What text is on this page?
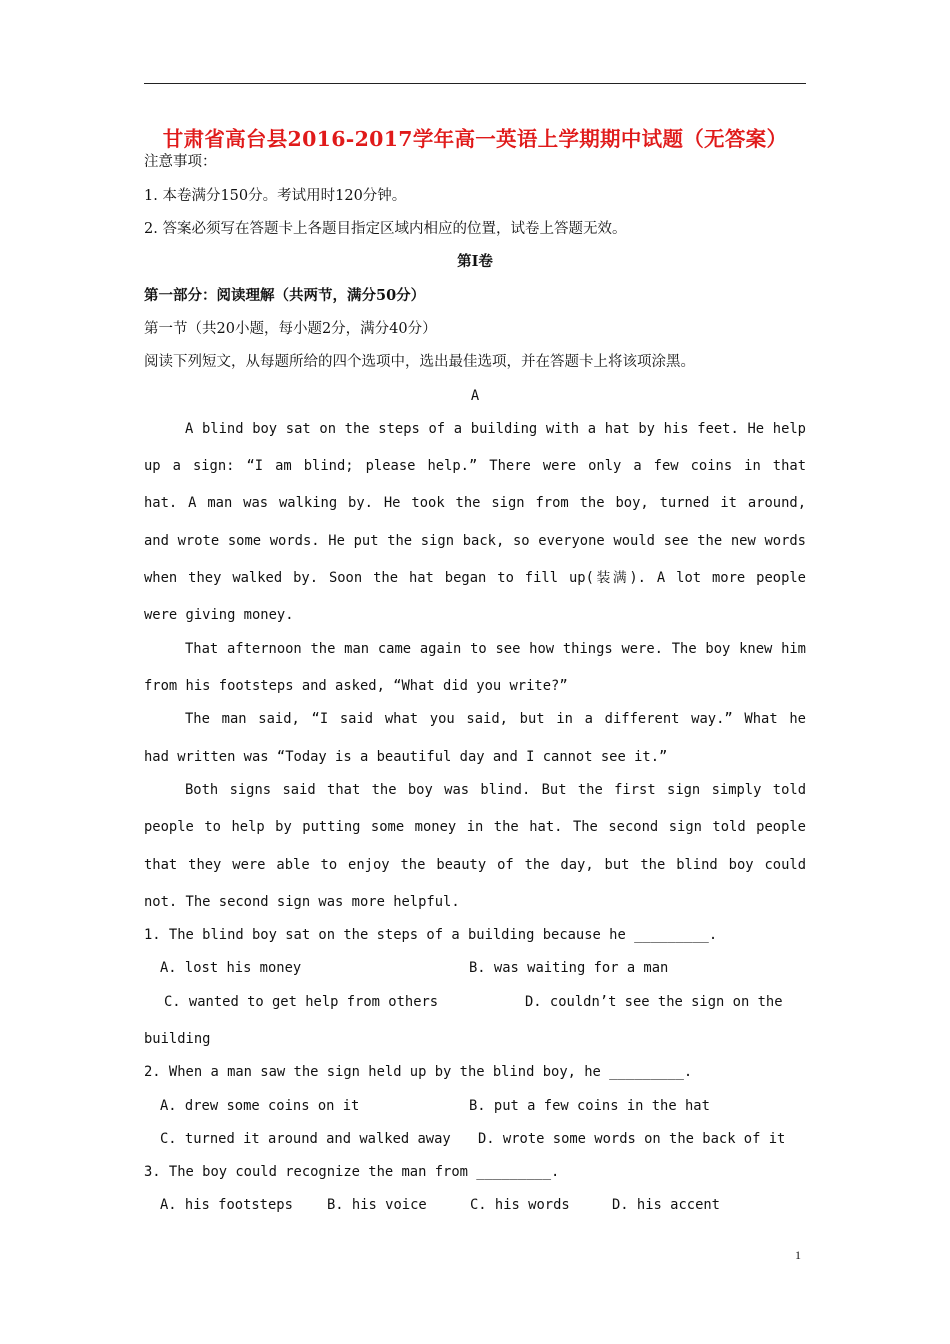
甘肃省高台县2016-2017学年高一英语上学期期中试题（无答案）
注意事项：
1. 本卷满分150分。考试用时120分钟。
2. 答案必须写在答题卡上各题目指定区域内相应的位置，试卷上答题无效。
第Ⅰ卷
第一部分：阅读理解（共两节，满分50分）
第一节（共20小题，每小题2分，满分40分）
阅读下列短文，从每题所给的四个选项中，选出最佳选项，并在答题卡上将该项涂黑。
A
A blind boy sat on the steps of a building with a hat by his feet. He help
up a sign: “I am blind; please help.” There were only a few coins in that
hat. A man was walking by. He took the sign from the boy, turned it around,
and wrote some words. He put the sign back, so everyone would see the new words
when they walked by. Soon the hat began to fill up(装满). A lot more people
were giving money.
That afternoon the man came again to see how things were. The boy knew him
from his footsteps and asked, “What did you write?”
The man said, “I said what you said, but in a different way.” What he
had written was “Today is a beautiful day and I cannot see it.”
Both signs said that the boy was blind. But the first sign simply told
people to help by putting some money in the hat. The second sign told people
that they were able to enjoy the beauty of the day, but the blind boy could
not. The second sign was more helpful.
1. The blind boy sat on the steps of a building because he _________.
A. lost his money	B. was waiting for a man
C. wanted to get help from others	D. couldn’t see the sign on the
building
2. When a man saw the sign held up by the blind boy, he _________.
A. drew some coins on it	B. put a few coins in the hat
C. turned it around and walked away D. wrote some words on the back of it
3. The boy could recognize the man from _________.
A. his footsteps B. his voice	C. his words	D. his accent
1
